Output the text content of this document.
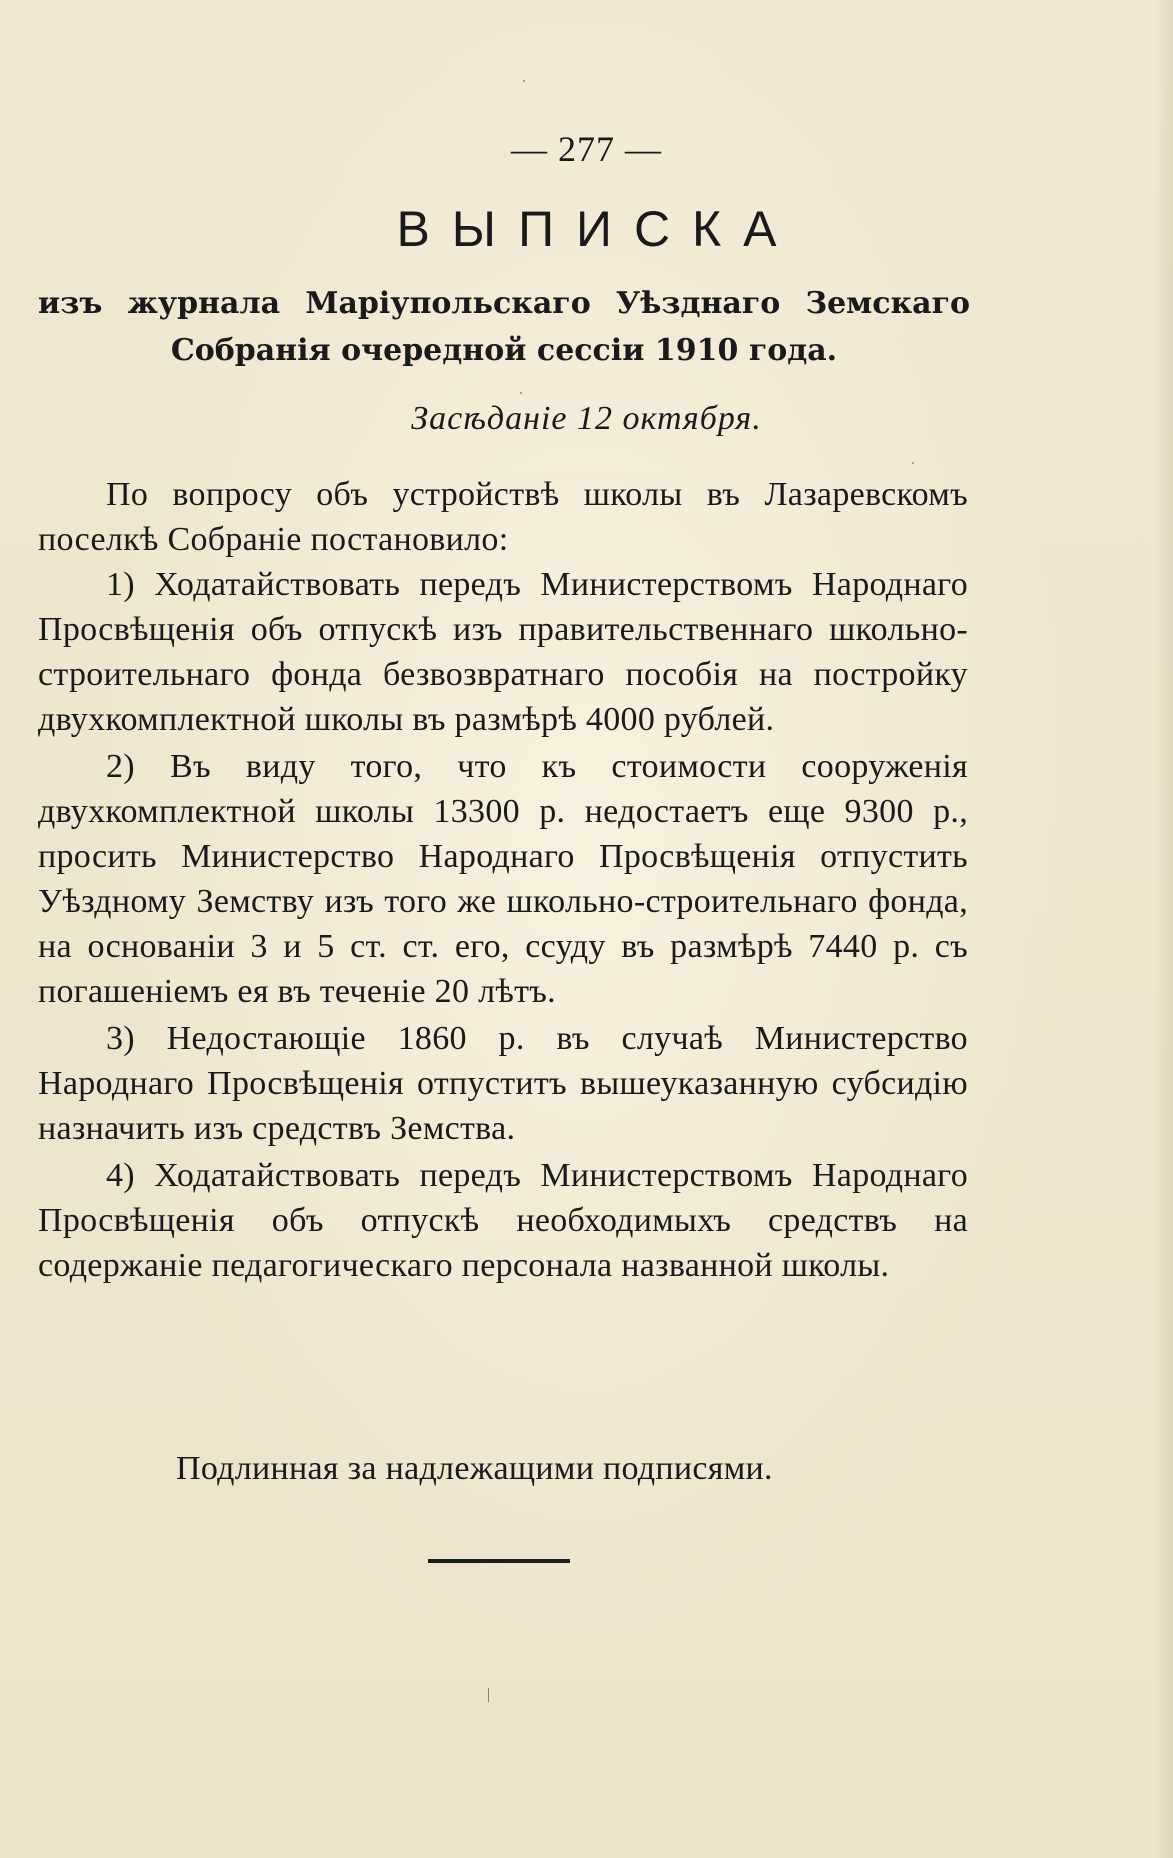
— 277 —
ВЫПИСКА
изъ журнала Маріупольскаго Уѣзднаго Земскаго Собранія очередной сессіи 1910 года.
Засѣданіе 12 октября.

По вопросу объ устройствѣ школы въ Лазаревскомъ поселкѣ Собраніе постановило:

1) Ходатайствовать передъ Министерствомъ Народнаго Просвѣщенія объ отпускѣ изъ правительственнаго школьно-строительнаго фонда безвозвратнаго пособія на постройку двухкомплектной школы въ размѣрѣ 4000 рублей.

2) Въ виду того, что къ стоимости сооруженія двухкомплектной школы 13300 р. недостаетъ еще 9300 р., просить Министерство Народнаго Просвѣщенія отпустить Уѣздному Земству изъ того же школьно-строительнаго фонда, на основаніи 3 и 5 ст. ст. его, ссуду въ размѣрѣ 7440 р. съ погашеніемъ ея въ теченіе 20 лѣтъ.

3) Недостающіе 1860 р. въ случаѣ Министерство Народнаго Просвѣщенія отпуститъ вышеуказанную субсидію назначить изъ средствъ Земства.

4) Ходатайствовать передъ Министерствомъ Народнаго Просвѣщенія объ отпускѣ необходимыхъ средствъ на содержаніе педагогическаго персонала названной школы.

Подлинная за надлежащими подписями.
